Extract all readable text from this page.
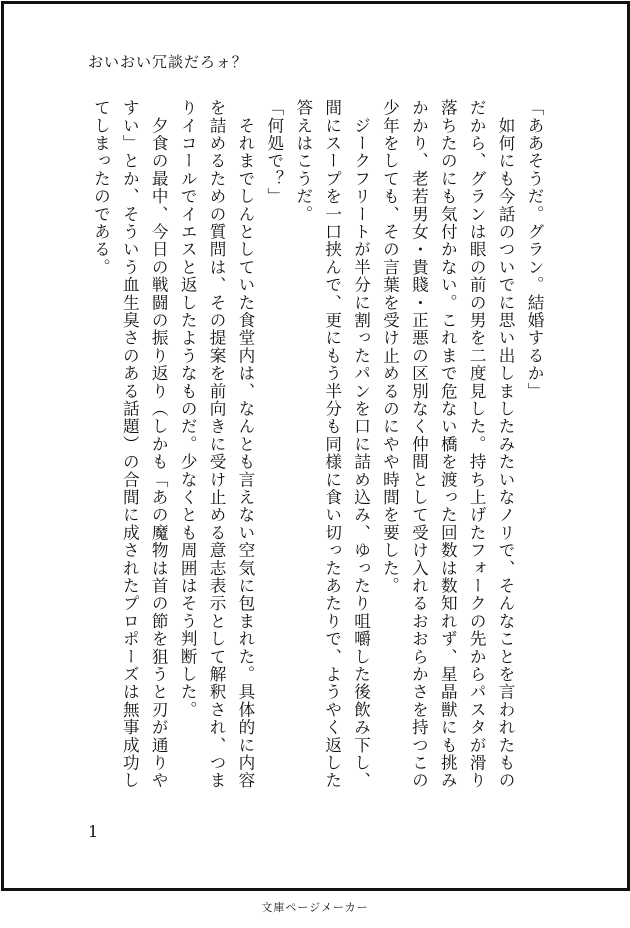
おいおい冗談だろォ？
「ああそうだ。グラン。結婚するか」
　如何にも今話のついでに思い出しましたみたいなノリで、そんなことを言われたもの
だから、グランは眼の前の男を二度見した。持ち上げたフォークの先からパスタが滑り
落ちたのにも気付かない。これまで危ない橋を渡った回数は数知れず、星晶獣にも挑み
かかり、老若男女・貴賤・正悪の区別なく仲間として受け入れるおおらかさを持つこの
少年をしても、その言葉を受け止めるのにやや時間を要した。
　ジークフリートが半分に割ったパンを口に詰め込み、ゆったり咀嚼した後飲み下し、
間にスープを一口挟んで、更にもう半分も同様に食い切ったあたりで、ようやく返した
答えはこうだ。
「何処で？」
　それまでしんとしていた食堂内は、なんとも言えない空気に包まれた。具体的に内容
を詰めるための質問は、その提案を前向きに受け止める意志表示として解釈され、つま
りイコールでイエスと返したようなものだ。少なくとも周囲はそう判断した。
　夕食の最中、今日の戦闘の振り返り（しかも「あの魔物は首の節を狙うと刃が通りや
すい」とか、そういう血生臭さのある話題）の合間に成されたプロポーズは無事成功し
てしまったのである。
1
文庫ページメーカー
